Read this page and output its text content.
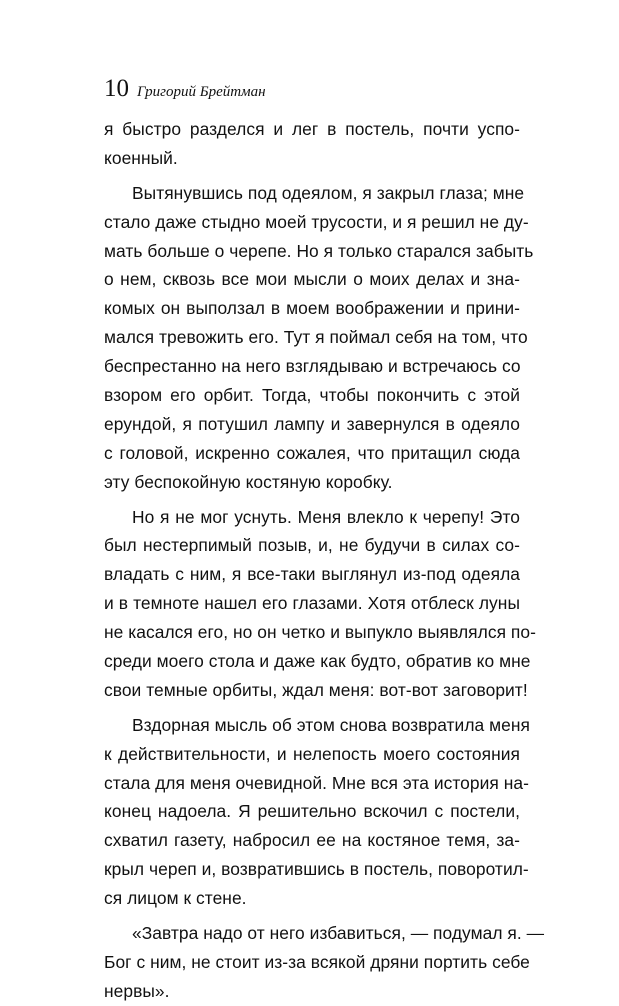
10 Григорий Брейтман
я быстро разделся и лег в постель, почти успо-
коенный.
Вытянувшись под одеялом, я закрыл глаза; мне
стало даже стыдно моей трусости, и я решил не ду-
мать больше о черепе. Но я только старался забыть
о нем, сквозь все мои мысли о моих делах и зна-
комых он выползал в моем воображении и прини-
мался тревожить его. Тут я поймал себя на том, что
беспрестанно на него взглядываю и встречаюсь со
взором его орбит. Тогда, чтобы покончить с этой
ерундой, я потушил лампу и завернулся в одеяло
с головой, искренно сожалея, что притащил сюда
эту беспокойную костяную коробку.
Но я не мог уснуть. Меня влекло к черепу! Это
был нестерпимый позыв, и, не будучи в силах со-
владать с ним, я все-таки выглянул из-под одеяла
и в темноте нашел его глазами. Хотя отблеск луны
не касался его, но он четко и выпукло выявлялся по-
среди моего стола и даже как будто, обратив ко мне
свои темные орбиты, ждал меня: вот-вот заговорит!
Вздорная мысль об этом снова возвратила меня
к действительности, и нелепость моего состояния
стала для меня очевидной. Мне вся эта история на-
конец надоела. Я решительно вскочил с постели,
схватил газету, набросил ее на костяное темя, за-
крыл череп и, возвратившись в постель, поворотил-
ся лицом к стене.
«Завтра надо от него избавиться, — подумал я. —
Бог с ним, не стоит из-за всякой дряни портить себе
нервы».
